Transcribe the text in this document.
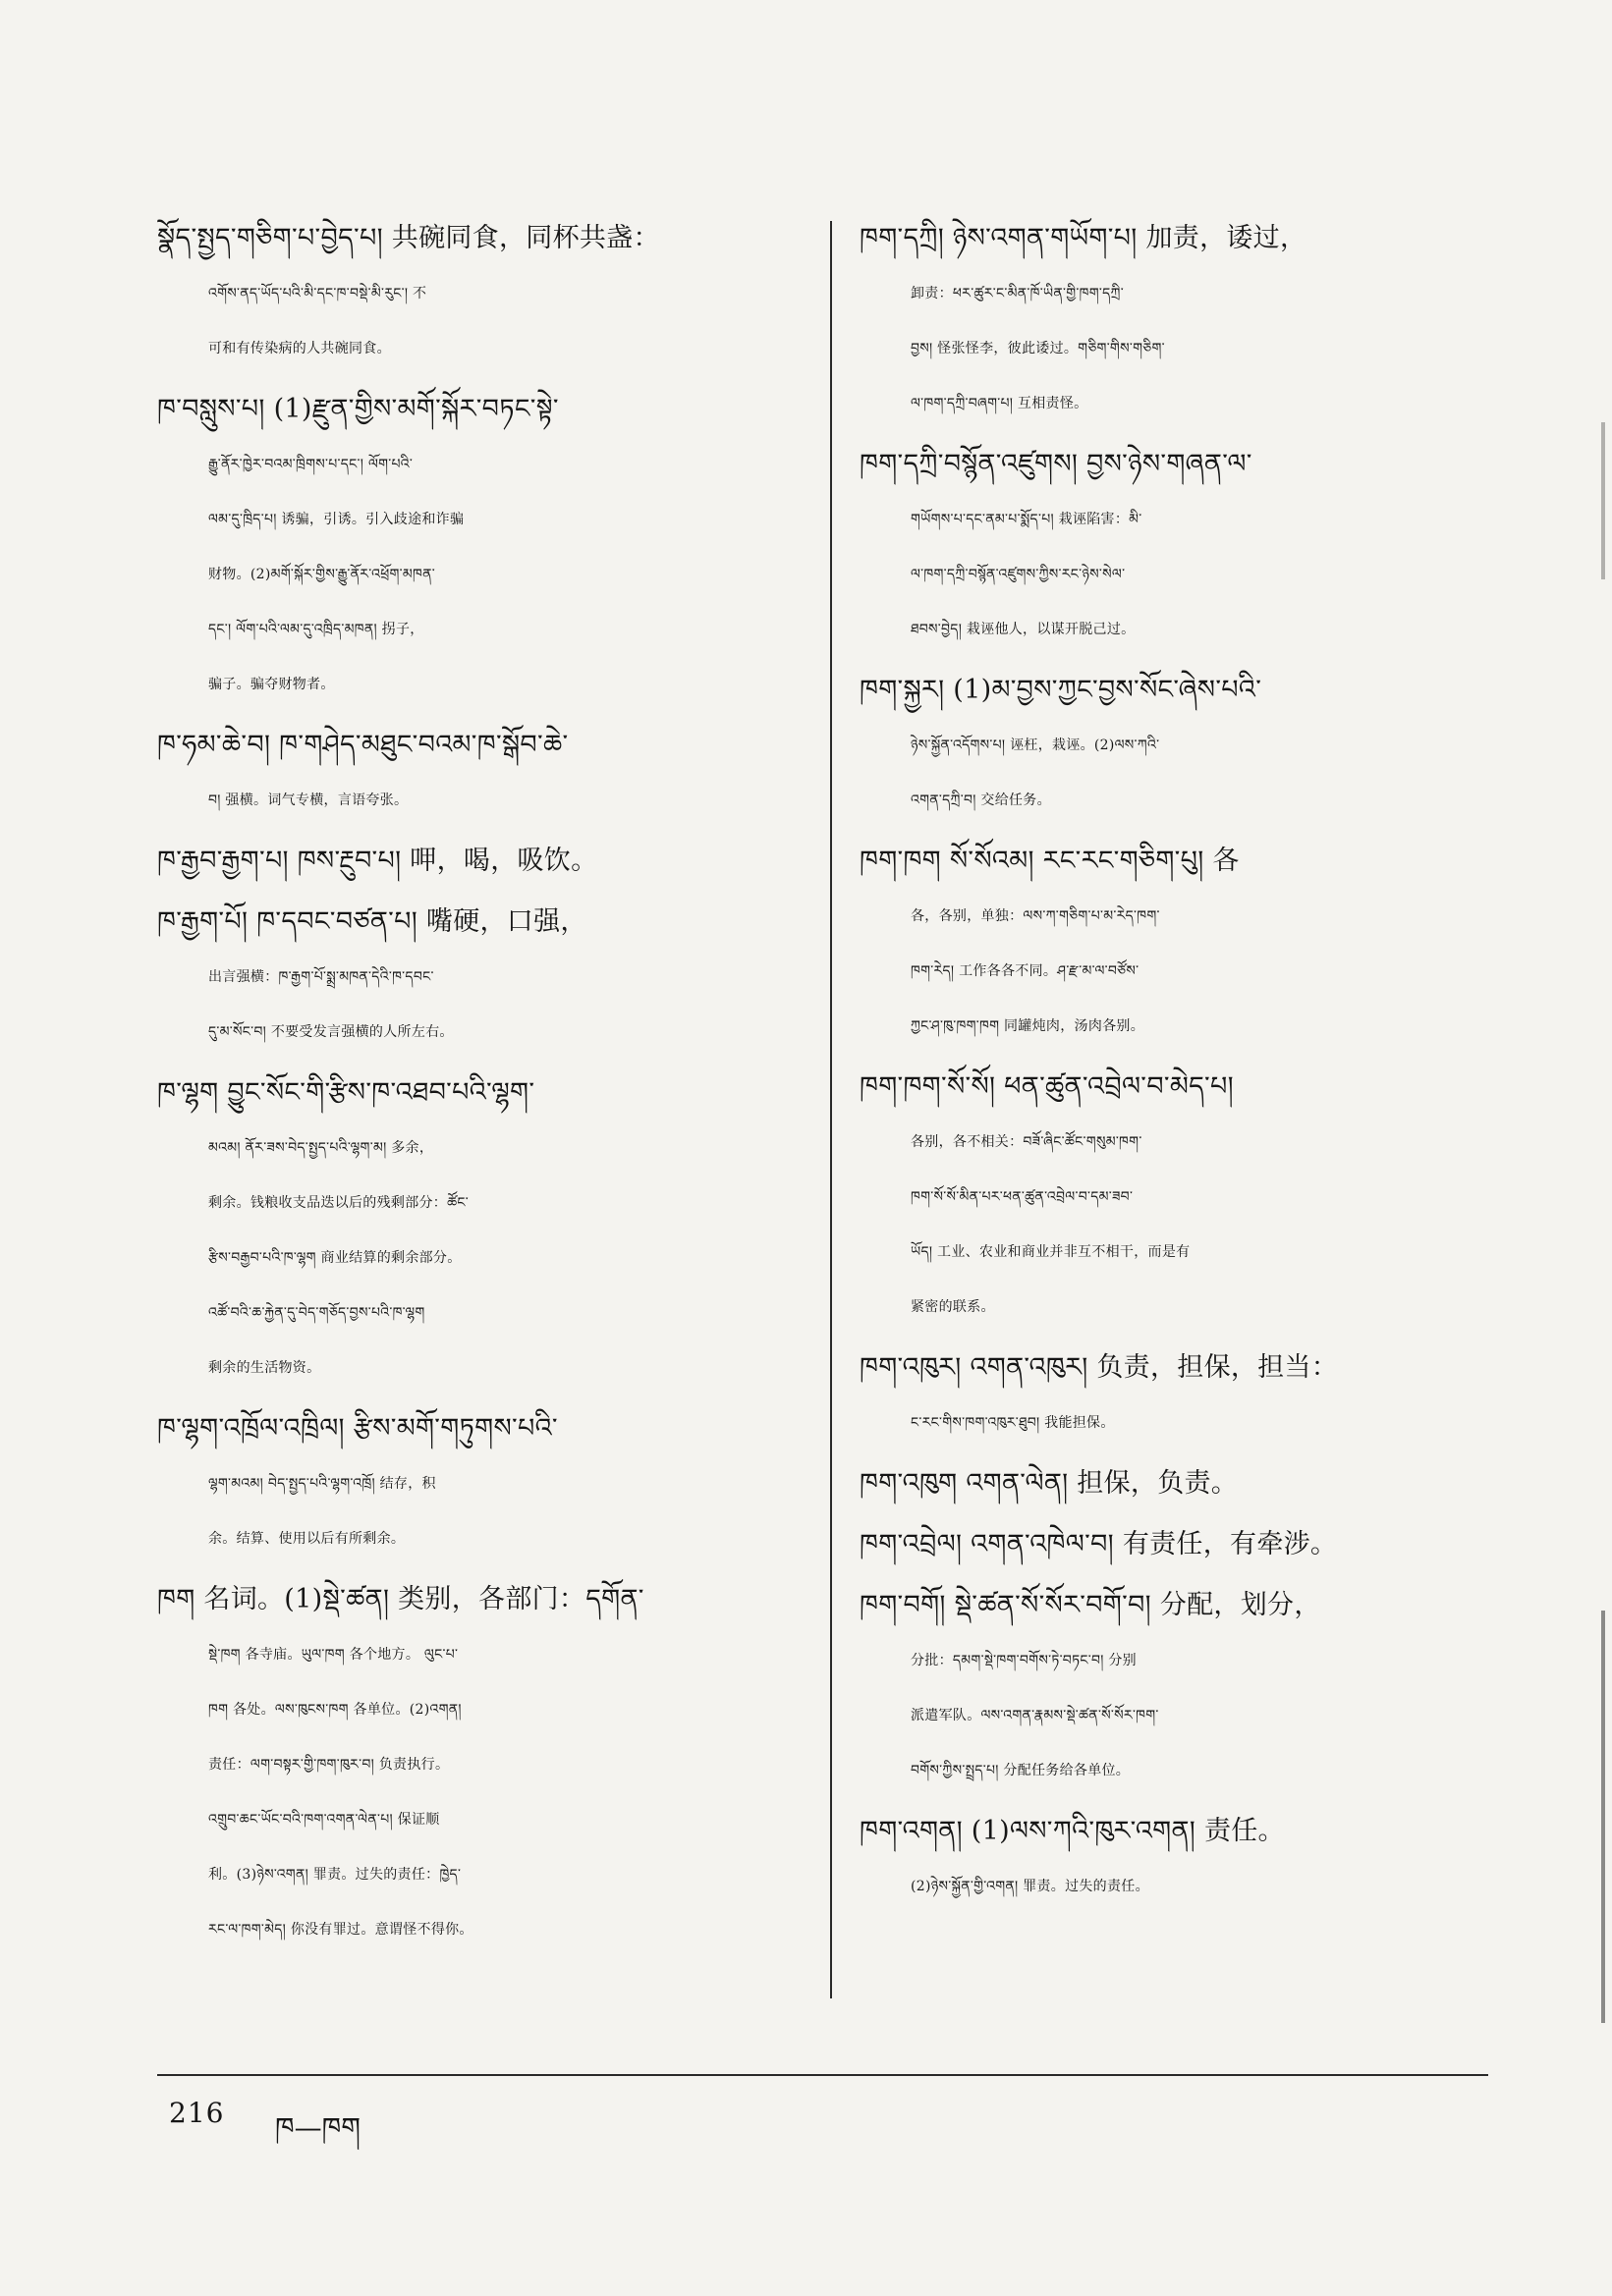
སྣོད་སྤྱད་གཅིག་པ་བྱེད་པ། 共碗同食，同杯共盏：
འགོས་ནད་ཡོད་པའི་མི་དང་ཁ་བསྡེ་མི་རུང་། 不
可和有传染病的人共碗同食。
ཁ་བསླུས་པ། (1)རྫུན་གྱིས་མགོ་སྐོར་བཏང་སྟེ་
རྒྱུ་ནོར་ཁྱེར་བའམ་ཁྲིགས་པ་དང་། ལོག་པའི་
ལམ་དུ་ཁྲིད་པ། 诱骗，引诱。引入歧途和诈骗
财物。(2)མགོ་སྐོར་གྱིས་རྒྱུ་ནོར་འཕྲོག་མཁན་
དང་། ལོག་པའི་ལམ་དུ་འཁྲིད་མཁན། 拐子，
骗子。骗夺财物者。
ཁ་ཧམ་ཆེ་བ། ཁ་གཤེད་མཐུང་བའམ་ཁ་སྒོབ་ཆེ་
བ། 强横。词气专横，言语夸张。
ཁ་རྒྱབ་རྒྱག་པ། ཁས་རྔུབ་པ། 呷，喝，吸饮。
ཁ་རྒྱག་པོ། ཁ་དབང་བཙན་པ། 嘴硬，口强，
出言强横：ཁ་རྒྱག་པོ་སྨྲ་མཁན་དེའི་ཁ་དབང་
དུ་མ་སོང་བ། 不要受发言强横的人所左右。
ཁ་ལྷག བྱུང་སོང་གི་རྩིས་ཁ་འཐབ་པའི་ལྷག་
མའམ། ནོར་ཟས་བེད་སྤྱད་པའི་ལྷག་མ། 多余，
剩余。钱粮收支品迭以后的残剩部分：ཚོང་
རྩིས་བརྒྱབ་པའི་ཁ་ལྷག 商业结算的剩余部分。
འཚོ་བའི་ཆ་རྐྱེན་དུ་བེད་གཅོད་བྱས་པའི་ཁ་ལྷག
剩余的生活物资。
ཁ་ལྷག་འཁྲོལ་འཁྲིལ། རྩིས་མགོ་གཏུགས་པའི་
ལྷག་མའམ། བེད་སྤྱད་པའི་ལྷག་འཁྲོ། 结存，积
余。结算、使用以后有所剩余。
ཁག 名词。(1)སྡེ་ཚན། 类别，各部门：དགོན་
སྡེ་ཁག 各寺庙。ཡུལ་ཁག 各个地方。 ལུང་པ་
ཁག 各处。ལས་ཁུངས་ཁག 各单位。(2)འགན།
责任：ལག་བསྟར་གྱི་ཁག་ཁུར་བ། 负责执行。
འགྲུབ་ཆང་ཡོང་བའི་ཁག་འགན་ལེན་པ། 保证顺
利。(3)ཉེས་འགན། 罪责。过失的责任：ཁྱེད་
རང་ལ་ཁག་མེད། 你没有罪过。意谓怪不得你。
ཁག་དཀྲི། ཉེས་འགན་གཡོག་པ། 加责，诿过，
卸责：ཕར་ཚུར་ང་མིན་ཁོ་ཡིན་གྱི་ཁག་དཀྲི་
བྱས། 怪张怪李，彼此诿过。གཅིག་གིས་གཅིག་
ལ་ཁག་དཀྲི་བཞག་པ། 互相责怪。
ཁག་དཀྲི་བསྙོན་འཛུགས། བྱས་ཉེས་གཞན་ལ་
གཡོགས་པ་དང་ནམ་པ་སྨོད་པ། 栽诬陷害：མི་
ལ་ཁག་དཀྲི་བསྙོན་འཛུགས་ཀྱིས་རང་ཉེས་སེལ་
ཐབས་བྱེད། 栽诬他人，以谋开脱己过。
ཁག་སྐྱར། (1)མ་བྱས་ཀྱང་བྱས་སོང་ཞེས་པའི་
ཉེས་སྐྱོན་འདོགས་པ། 诬枉，栽诬。(2)ལས་ཀའི་
འགན་དཀྲི་བ། 交给任务。
ཁག་ཁག སོ་སོའམ། རང་རང་གཅིག་པུ། 各
各，各别，单独：ལས་ཀ་གཅིག་པ་མ་རེད་ཁག་
ཁག་རེད། 工作各各不同。ཤ་རྫ་མ་ལ་བཙོས་
ཀྱང་ཤ་ཁུ་ཁག་ཁག 同罐炖肉，汤肉各别。
ཁག་ཁག་སོ་སོ། ཕན་ཚུན་འབྲེལ་བ་མེད་པ།
各别，各不相关：བཟོ་ཞིང་ཚོང་གསུམ་ཁག་
ཁག་སོ་སོ་མིན་པར་ཕན་ཚུན་འབྲེལ་བ་དམ་ཟབ་
ཡོད། 工业、农业和商业并非互不相干，而是有
紧密的联系。
ཁག་འཁུར། འགན་འཁུར། 负责，担保，担当：
ང་རང་གིས་ཁག་འཁུར་ཐུབ། 我能担保。
ཁག་འཁུག འགན་ལེན། 担保，负责。
ཁག་འབྲེལ། འགན་འཁེལ་བ། 有责任，有牵涉。
ཁག་བགོ། སྡེ་ཚན་སོ་སོར་བགོ་བ། 分配，划分，
分批：དམག་སྡེ་ཁག་བགོས་ཏེ་བཏང་བ། 分别
派遣军队。ལས་འགན་རྣམས་སྡེ་ཚན་སོ་སོར་ཁག་
བགོས་ཀྱིས་སྤྲད་པ། 分配任务给各单位。
ཁག་འགན། (1)ལས་ཀའི་ཁུར་འགན། 责任。
(2)ཉེས་སྐྱོན་གྱི་འགན། 罪责。过失的责任。
216 ཁ—ཁག
